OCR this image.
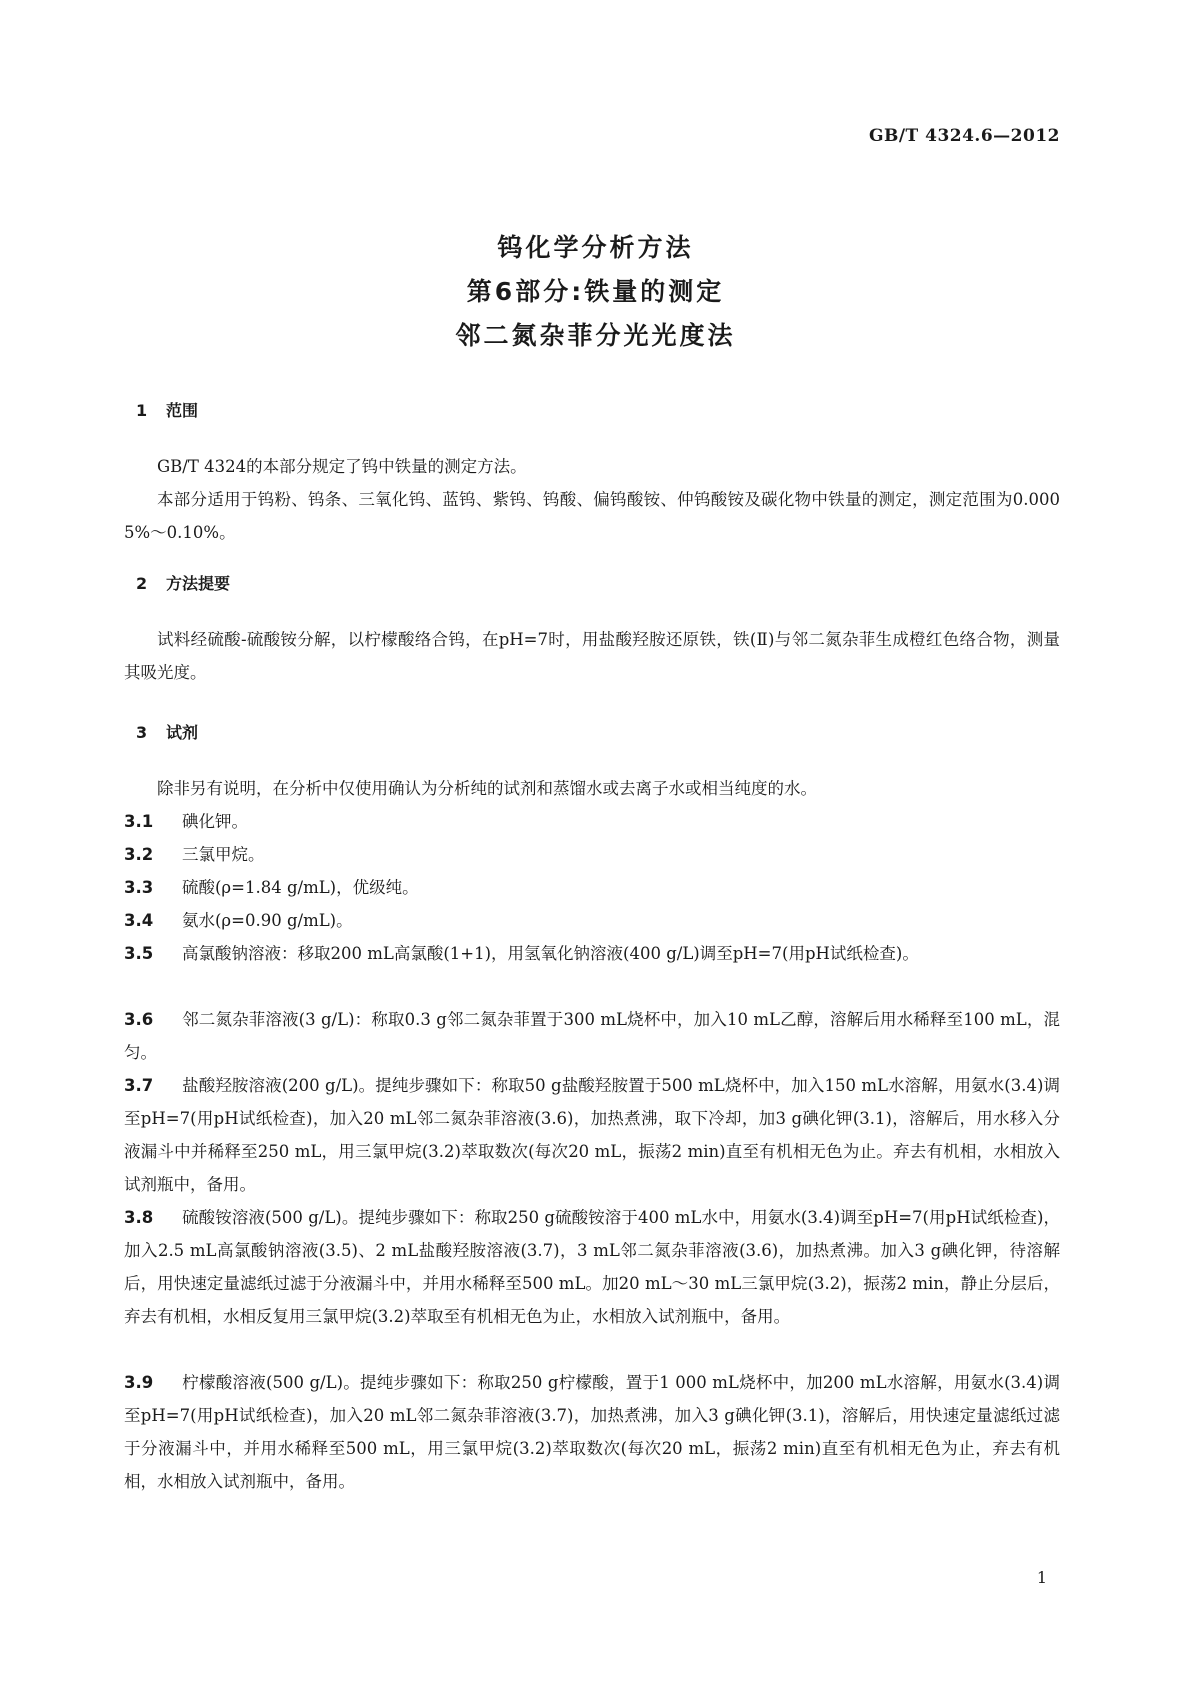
GB/T 4324.6—2012
钨化学分析方法
第6部分:铁量的测定
邻二氮杂菲分光光度法
1 范围
GB/T 4324的本部分规定了钨中铁量的测定方法。
本部分适用于钨粉、钨条、三氧化钨、蓝钨、紫钨、钨酸、偏钨酸铵、仲钨酸铵及碳化物中铁量的测定，测定范围为0.000 5%～0.10%。
2 方法提要
试料经硫酸-硫酸铵分解，以柠檬酸络合钨，在pH=7时，用盐酸羟胺还原铁，铁(Ⅱ)与邻二氮杂菲生成橙红色络合物，测量其吸光度。
3 试剂
除非另有说明，在分析中仅使用确认为分析纯的试剂和蒸馏水或去离子水或相当纯度的水。
3.1 碘化钾。
3.2 三氯甲烷。
3.3 硫酸(ρ=1.84 g/mL)，优级纯。
3.4 氨水(ρ=0.90 g/mL)。
3.5 高氯酸钠溶液：移取200 mL高氯酸(1+1)，用氢氧化钠溶液(400 g/L)调至pH=7(用pH试纸检查)。
3.6 邻二氮杂菲溶液(3 g/L)：称取0.3 g邻二氮杂菲置于300 mL烧杯中，加入10 mL乙醇，溶解后用水稀释至100 mL，混匀。
3.7 盐酸羟胺溶液(200 g/L)。提纯步骤如下：称取50 g盐酸羟胺置于500 mL烧杯中，加入150 mL水溶解，用氨水(3.4)调至pH=7(用pH试纸检查)，加入20 mL邻二氮杂菲溶液(3.6)，加热煮沸，取下冷却，加3 g碘化钾(3.1)，溶解后，用水移入分液漏斗中并稀释至250 mL，用三氯甲烷(3.2)萃取数次(每次20 mL，振荡2 min)直至有机相无色为止。弃去有机相，水相放入试剂瓶中，备用。
3.8 硫酸铵溶液(500 g/L)。提纯步骤如下：称取250 g硫酸铵溶于400 mL水中，用氨水(3.4)调至pH=7(用pH试纸检查)，加入2.5 mL高氯酸钠溶液(3.5)、2 mL盐酸羟胺溶液(3.7)，3 mL邻二氮杂菲溶液(3.6)，加热煮沸。加入3 g碘化钾，待溶解后，用快速定量滤纸过滤于分液漏斗中，并用水稀释至500 mL。加20 mL～30 mL三氯甲烷(3.2)，振荡2 min，静止分层后，弃去有机相，水相反复用三氯甲烷(3.2)萃取至有机相无色为止，水相放入试剂瓶中，备用。
3.9 柠檬酸溶液(500 g/L)。提纯步骤如下：称取250 g柠檬酸，置于1 000 mL烧杯中，加200 mL水溶解，用氨水(3.4)调至pH=7(用pH试纸检查)，加入20 mL邻二氮杂菲溶液(3.7)，加热煮沸，加入3 g碘化钾(3.1)，溶解后，用快速定量滤纸过滤于分液漏斗中，并用水稀释至500 mL，用三氯甲烷(3.2)萃取数次(每次20 mL，振荡2 min)直至有机相无色为止，弃去有机相，水相放入试剂瓶中，备用。
1
